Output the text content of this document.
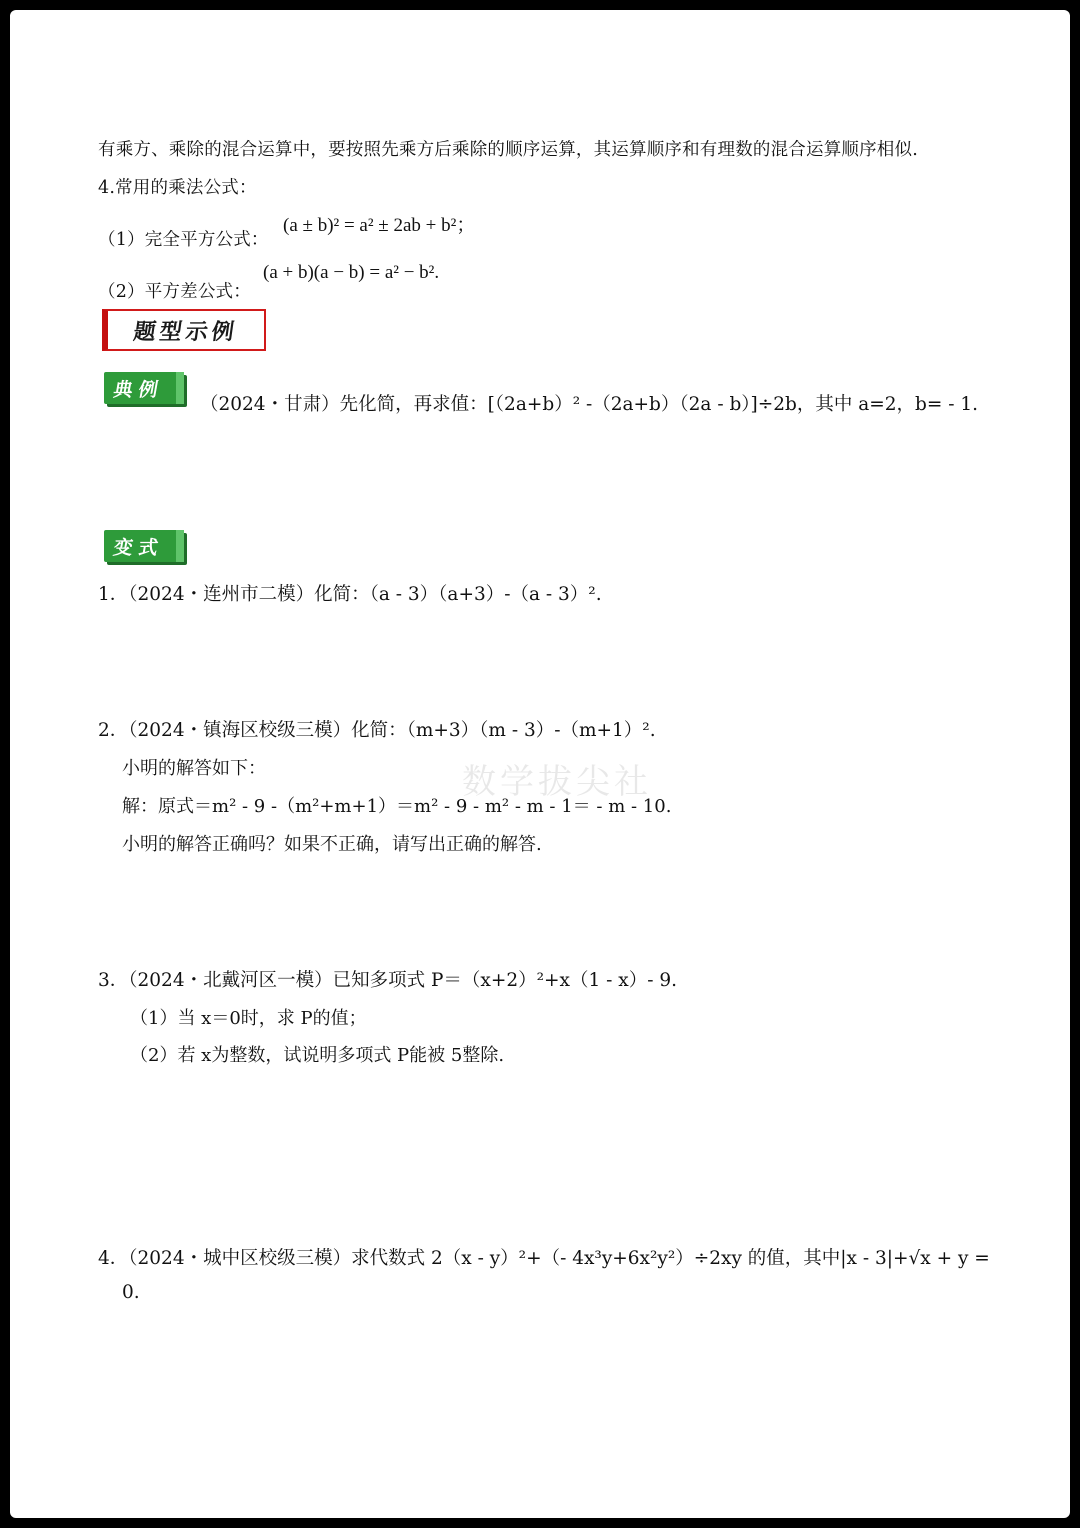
有乘方、乘除的混合运算中，要按照先乘方后乘除的顺序运算，其运算顺序和有理数的混合运算顺序相似.
4.常用的乘法公式：
（1）完全平方公式：
(a ± b)² = a² ± 2ab + b²；
（2）平方差公式：
(a + b)(a − b) = a² − b².
题型示例
典例
（2024・甘肃）先化简，再求值：[（2a+b）² -（2a+b）（2a - b）]÷2b，其中 a=2，b= - 1.
变式
1．（2024・连州市二模）化简：（a - 3）（a+3）-（a - 3）².
2．（2024・镇海区校级三模）化简：（m+3）（m - 3）-（m+1）².
小明的解答如下：
解：原式＝m² - 9 -（m²+m+1）＝m² - 9 - m² - m - 1＝ - m - 10.
小明的解答正确吗？如果不正确，请写出正确的解答.
3．（2024・北戴河区一模）已知多项式 P＝（x+2）²+x（1 - x）- 9.
（1）当 x＝0时，求 P的值；
（2）若 x为整数，试说明多项式 P能被 5整除.
4．（2024・城中区校级三模）求代数式 2（x - y）²+（- 4x³y+6x²y²）÷2xy 的值，其中|x - 3|+√x + y =
0.
数学拔尖社
